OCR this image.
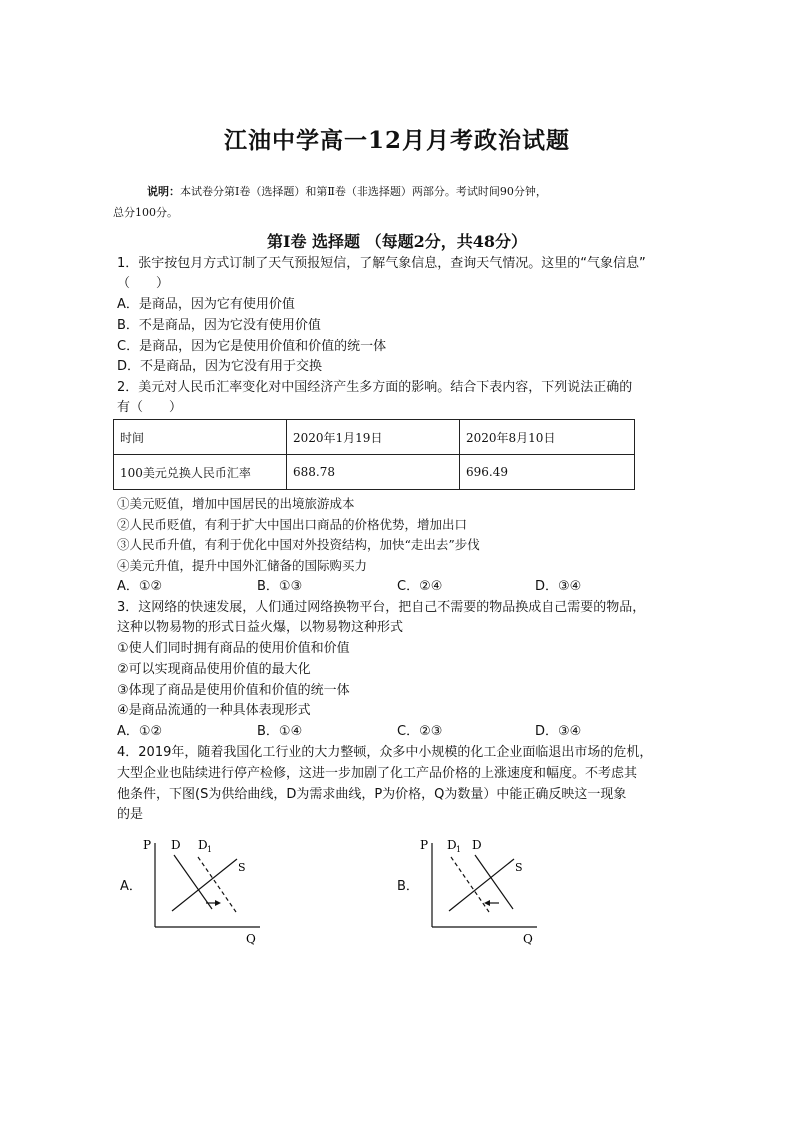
江油中学高一12月月考政治试题
说明：本试卷分第Ⅰ卷（选择题）和第Ⅱ卷（非选择题）两部分。考试时间90分钟，
总分100分。
第Ⅰ卷 选择题 （每题2分，共48分）
1．张宇按包月方式订制了天气预报短信，了解气象信息，查询天气情况。这里的“气象信息”
（　　）
A．是商品，因为它有使用价值
B．不是商品，因为它没有使用价值
C．是商品，因为它是使用价值和价值的统一体
D．不是商品，因为它没有用于交换
2．美元对人民币汇率变化对中国经济产生多方面的影响。结合下表内容，下列说法正确的
有（　　）
时间	2020年1月19日	2020年8月10日
100美元兑换人民币汇率	688.78	696.49
①美元贬值，增加中国居民的出境旅游成本
②人民币贬值，有利于扩大中国出口商品的价格优势，增加出口
③人民币升值，有利于优化中国对外投资结构，加快“走出去”步伐
④美元升值，提升中国外汇储备的国际购买力
A．①②	B．①③	C．②④	D．③④
3．这网络的快速发展，人们通过网络换物平台，把自己不需要的物品换成自己需要的物品，
这种以物易物的形式日益火爆，以物易物这种形式
①使人们同时拥有商品的使用价值和价值
②可以实现商品使用价值的最大化
③体现了商品是使用价值和价值的统一体
④是商品流通的一种具体表现形式
A．①②	B．①④	C．②③	D．③④
4．2019年，随着我国化工行业的大力整顿，众多中小规模的化工企业面临退出市场的危机，
大型企业也陆续进行停产检修，这进一步加剧了化工产品价格的上涨速度和幅度。不考虑其
他条件，下图(S为供给曲线，D为需求曲线，P为价格，Q为数量）中能正确反映这一现象
的是
A．
P
Q
D D 1
S
B．
P
Q
D 1 D
S
